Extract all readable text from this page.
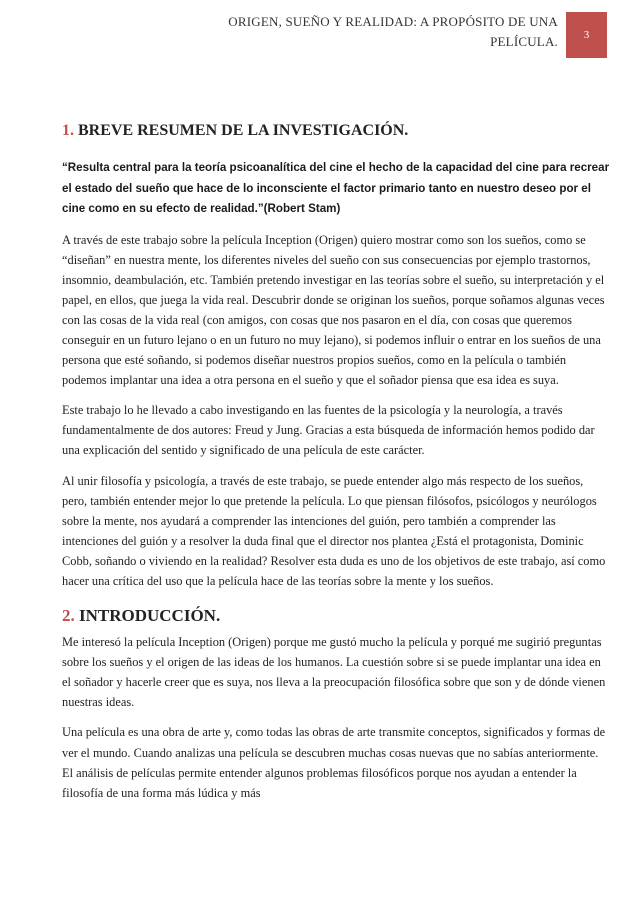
ORIGEN, SUEÑO Y REALIDAD: A PROPÓSITO DE UNA
PELÍCULA. 3
1. BREVE RESUMEN DE LA INVESTIGACIÓN.

“Resulta central para la teoría psicoanalítica del cine el hecho de la capacidad del cine para recrear el estado del sueño que hace de lo inconsciente el factor primario tanto en nuestro deseo por el cine como en su efecto de realidad.”(Robert Stam)

A través de este trabajo sobre la película Inception (Origen) quiero mostrar como son los sueños, como se “diseñan” en nuestra mente, los diferentes niveles del sueño con sus consecuencias por ejemplo trastornos, insomnio, deambulación, etc. También pretendo investigar en las teorías sobre el sueño, su interpretación y el papel, en ellos, que juega la vida real. Descubrir donde se originan los sueños, porque soñamos algunas veces con las cosas de la vida real (con amigos, con cosas que nos pasaron en el día, con cosas que queremos conseguir en un futuro lejano o en un futuro no muy lejano), si podemos influir o entrar en los sueños de una persona que esté soñando, si podemos diseñar nuestros propios sueños, como en la película o también podemos implantar una idea a otra persona en el sueño y que el soñador piensa que esa idea es suya.

Este trabajo lo he llevado a cabo investigando en las fuentes de la psicología y la neurología, a través fundamentalmente de dos autores: Freud y Jung. Gracias a esta búsqueda de información hemos podido dar una explicación del sentido y significado de una película de este carácter.

Al unir filosofía y psicología, a través de este trabajo, se puede entender algo más respecto de los sueños, pero, también entender mejor lo que pretende la película. Lo que piensan filósofos, psicólogos y neurólogos sobre la mente, nos ayudará a comprender las intenciones del guión, pero también a comprender las intenciones del guión y a resolver la duda final que el director nos plantea ¿Está el protagonista, Dominic Cobb, soñando o viviendo en la realidad? Resolver esta duda es uno de los objetivos de este trabajo, así como hacer una crítica del uso que la película hace de las teorías sobre la mente y los sueños.

2. INTRODUCCIÓN.

Me interesó la película Inception (Origen) porque me gustó mucho la película y porqué me sugirió preguntas sobre los sueños y el origen de las ideas de los humanos. La cuestión sobre si se puede implantar una idea en el soñador y hacerle creer que es suya, nos lleva a la preocupación filosófica sobre que son y de dónde vienen nuestras ideas.

Una película es una obra de arte y, como todas las obras de arte transmite conceptos, significados y formas de ver el mundo. Cuando analizas una película se descubren muchas cosas nuevas que no sabías anteriormente. El análisis de películas permite entender algunos problemas filosóficos porque nos ayudan a entender la filosofía de una forma más lúdica y más
